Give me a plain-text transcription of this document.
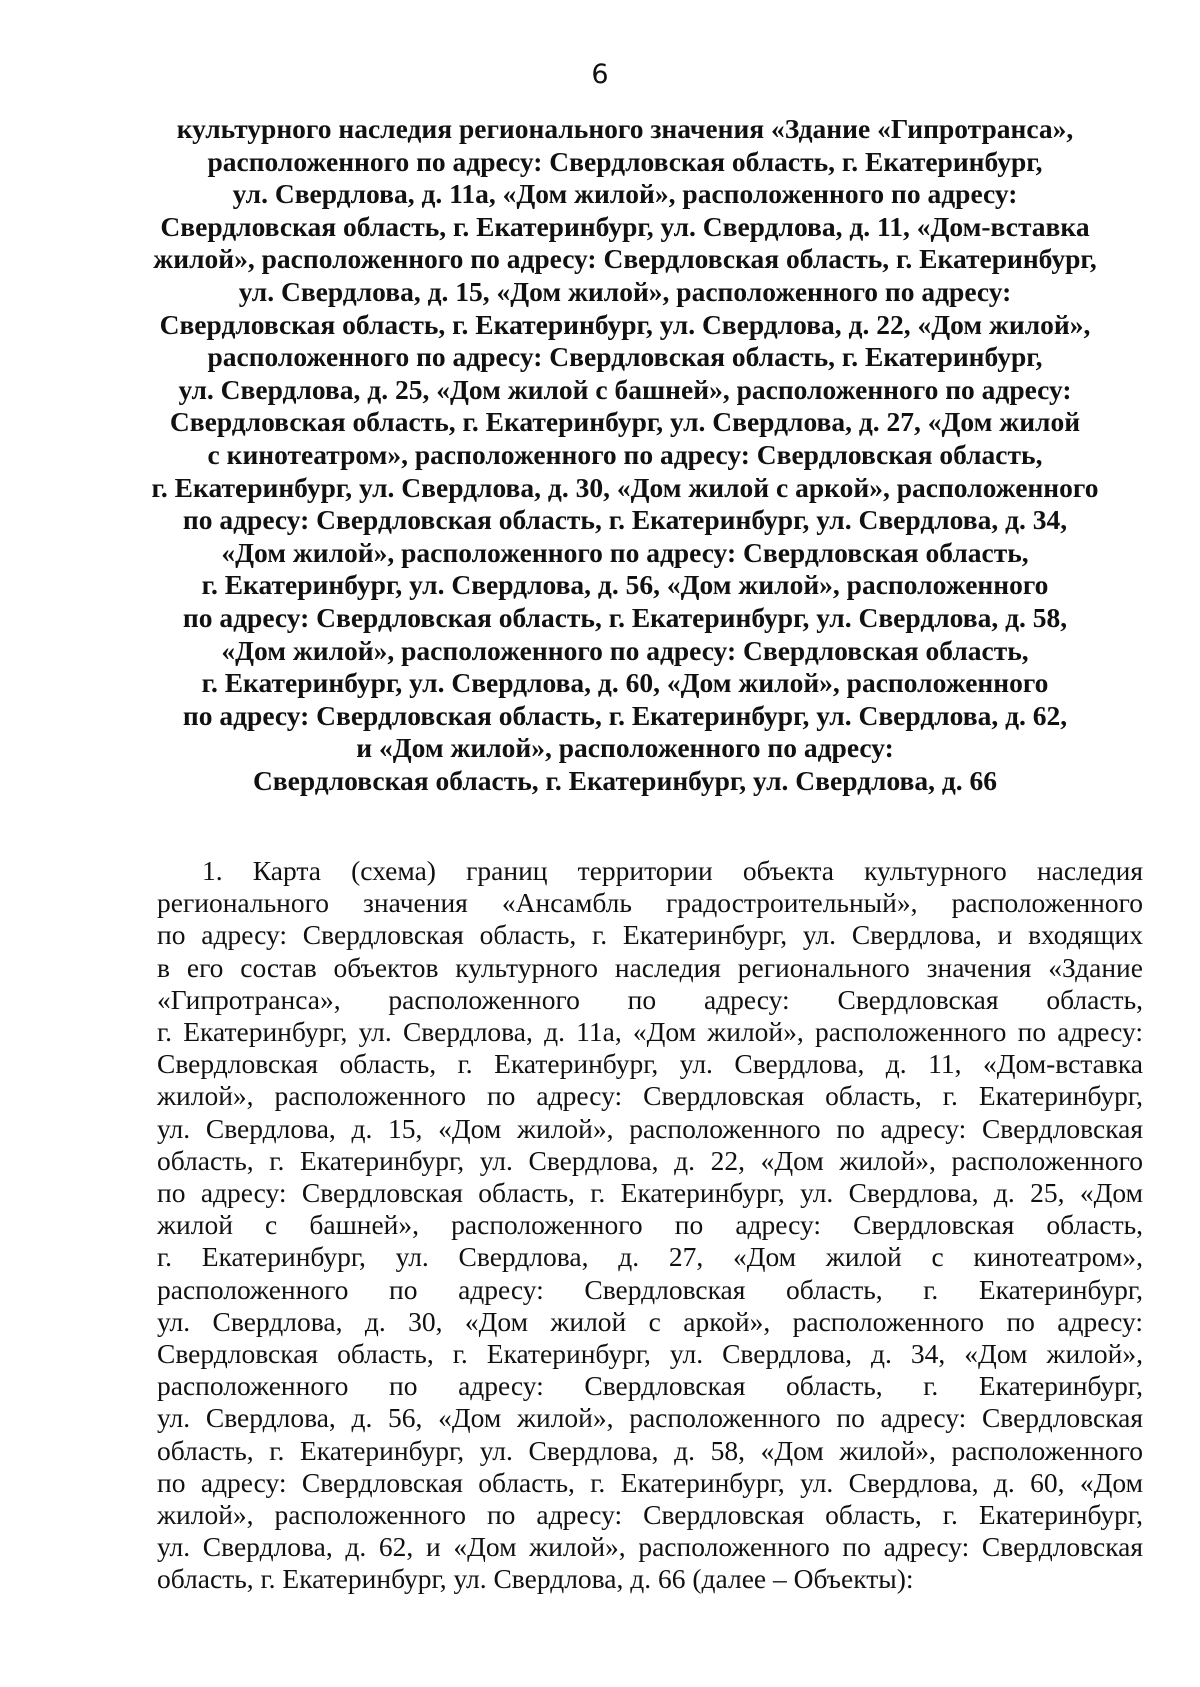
6
культурного наследия регионального значения «Здание «Гипротранса»,
расположенного по адресу: Свердловская область, г. Екатеринбург,
ул. Свердлова, д. 11а, «Дом жилой», расположенного по адресу:
Свердловская область, г. Екатеринбург, ул. Свердлова, д. 11, «Дом-вставка
жилой», расположенного по адресу: Свердловская область, г. Екатеринбург,
ул. Свердлова, д. 15, «Дом жилой», расположенного по адресу:
Свердловская область, г. Екатеринбург, ул. Свердлова, д. 22, «Дом жилой»,
расположенного по адресу: Свердловская область, г. Екатеринбург,
ул. Свердлова, д. 25, «Дом жилой с башней», расположенного по адресу:
Свердловская область, г. Екатеринбург, ул. Свердлова, д. 27, «Дом жилой
с кинотеатром», расположенного по адресу: Свердловская область,
г. Екатеринбург, ул. Свердлова, д. 30, «Дом жилой с аркой», расположенного
по адресу: Свердловская область, г. Екатеринбург, ул. Свердлова, д. 34,
«Дом жилой», расположенного по адресу: Свердловская область,
г. Екатеринбург, ул. Свердлова, д. 56, «Дом жилой», расположенного
по адресу: Свердловская область, г. Екатеринбург, ул. Свердлова, д. 58,
«Дом жилой», расположенного по адресу: Свердловская область,
г. Екатеринбург, ул. Свердлова, д. 60, «Дом жилой», расположенного
по адресу: Свердловская область, г. Екатеринбург, ул. Свердлова, д. 62,
и «Дом жилой», расположенного по адресу:
Свердловская область, г. Екатеринбург, ул. Свердлова, д. 66
1. Карта (схема) границ территории объекта культурного наследия
регионального значения «Ансамбль градостроительный», расположенного
по адресу: Свердловская область, г. Екатеринбург, ул. Свердлова, и входящих
в его состав объектов культурного наследия регионального значения «Здание
«Гипротранса», расположенного по адресу: Свердловская область,
г. Екатеринбург, ул. Свердлова, д. 11а, «Дом жилой», расположенного по адресу:
Свердловская область, г. Екатеринбург, ул. Свердлова, д. 11, «Дом-вставка
жилой», расположенного по адресу: Свердловская область, г. Екатеринбург,
ул. Свердлова, д. 15, «Дом жилой», расположенного по адресу: Свердловская
область, г. Екатеринбург, ул. Свердлова, д. 22, «Дом жилой», расположенного
по адресу: Свердловская область, г. Екатеринбург, ул. Свердлова, д. 25, «Дом
жилой с башней», расположенного по адресу: Свердловская область,
г. Екатеринбург, ул. Свердлова, д. 27, «Дом жилой с кинотеатром»,
расположенного по адресу: Свердловская область, г. Екатеринбург,
ул. Свердлова, д. 30, «Дом жилой с аркой», расположенного по адресу:
Свердловская область, г. Екатеринбург, ул. Свердлова, д. 34, «Дом жилой»,
расположенного по адресу: Свердловская область, г. Екатеринбург,
ул. Свердлова, д. 56, «Дом жилой», расположенного по адресу: Свердловская
область, г. Екатеринбург, ул. Свердлова, д. 58, «Дом жилой», расположенного
по адресу: Свердловская область, г. Екатеринбург, ул. Свердлова, д. 60, «Дом
жилой», расположенного по адресу: Свердловская область, г. Екатеринбург,
ул. Свердлова, д. 62, и «Дом жилой», расположенного по адресу: Свердловская
область, г. Екатеринбург, ул. Свердлова, д. 66 (далее – Объекты):
